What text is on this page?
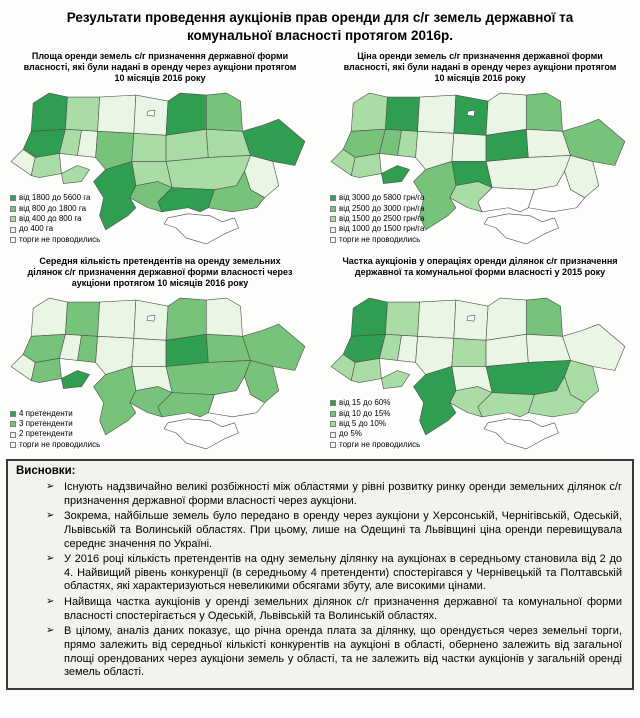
Результати проведення аукціонів прав оренди для с/г земель державної та комунальної власності протягом 2016р.
Площа оренди земель с/г призначення державної форми власності, які були надані в оренду через аукціони протягом 10 місяців 2016 року
від 1800 до 5600 га
від 800 до 1800 га
від 400 до 800 га
до 400 га
торги не проводились
Ціна оренди земель с/г призначення державної форми власності, які були надані в оренду через аукціони протягом 10 місяців 2016 року
від 3000 до 5800 грн/га
від 2500 до 3000 грн/га
від 1500 до 2500 грн/га
від 1000 до 1500 грн/га
торги не проводились
Середня кількість претендентів на оренду земельних ділянок с/г призначення державної форми власності через аукціони протягом 10 місяців 2016 року
4 претенденти
3 претенденти
2 претенденти
торги не проводились
Частка аукціонів у операціях оренди ділянок с/г призначення державної та комунальної форми власності у 2015 року
від 15 до 60%
від 10 до 15%
від 5 до 10%
до 5%
торги не проводились
Висновки:
➢ Існують надзвичайно великі розбіжності між областями у рівні розвитку ринку оренди земельних ділянок с/г призначення державної форми власності через аукціони.
➢ Зокрема, найбільше земель було передано в оренду через аукціони у Херсонській, Чернігівській, Одеській, Львівській та Волинській областях. При цьому, лише на Одещині та Львівщині ціна оренди перевищувала середнє значення по Україні.
➢ У 2016 році кількість претендентів на одну земельну ділянку на аукціонах в середньому становила від 2 до 4. Найвищий рівень конкуренції (в середньому 4 претенденти) спостерігався у Чернівецькій та Полтавській областях, які характеризуються невеликими обсягами збуту, але високими цінами.
➢ Найвища частка аукціонів у оренді земельних ділянок с/г призначення державної та комунальної форми власності спостерігається у Одеській, Львівській та Волинській областях.
➢ В цілому, аналіз даних показує, що річна оренда плата за ділянку, що орендується через земельні торги, прямо залежить від середньої кількісті конкурентів на аукціоні в області, обернено залежить від загальної площі орендованих через аукціони земель у області, та не залежить від частки аукціонів у загальній оренді земель області.
